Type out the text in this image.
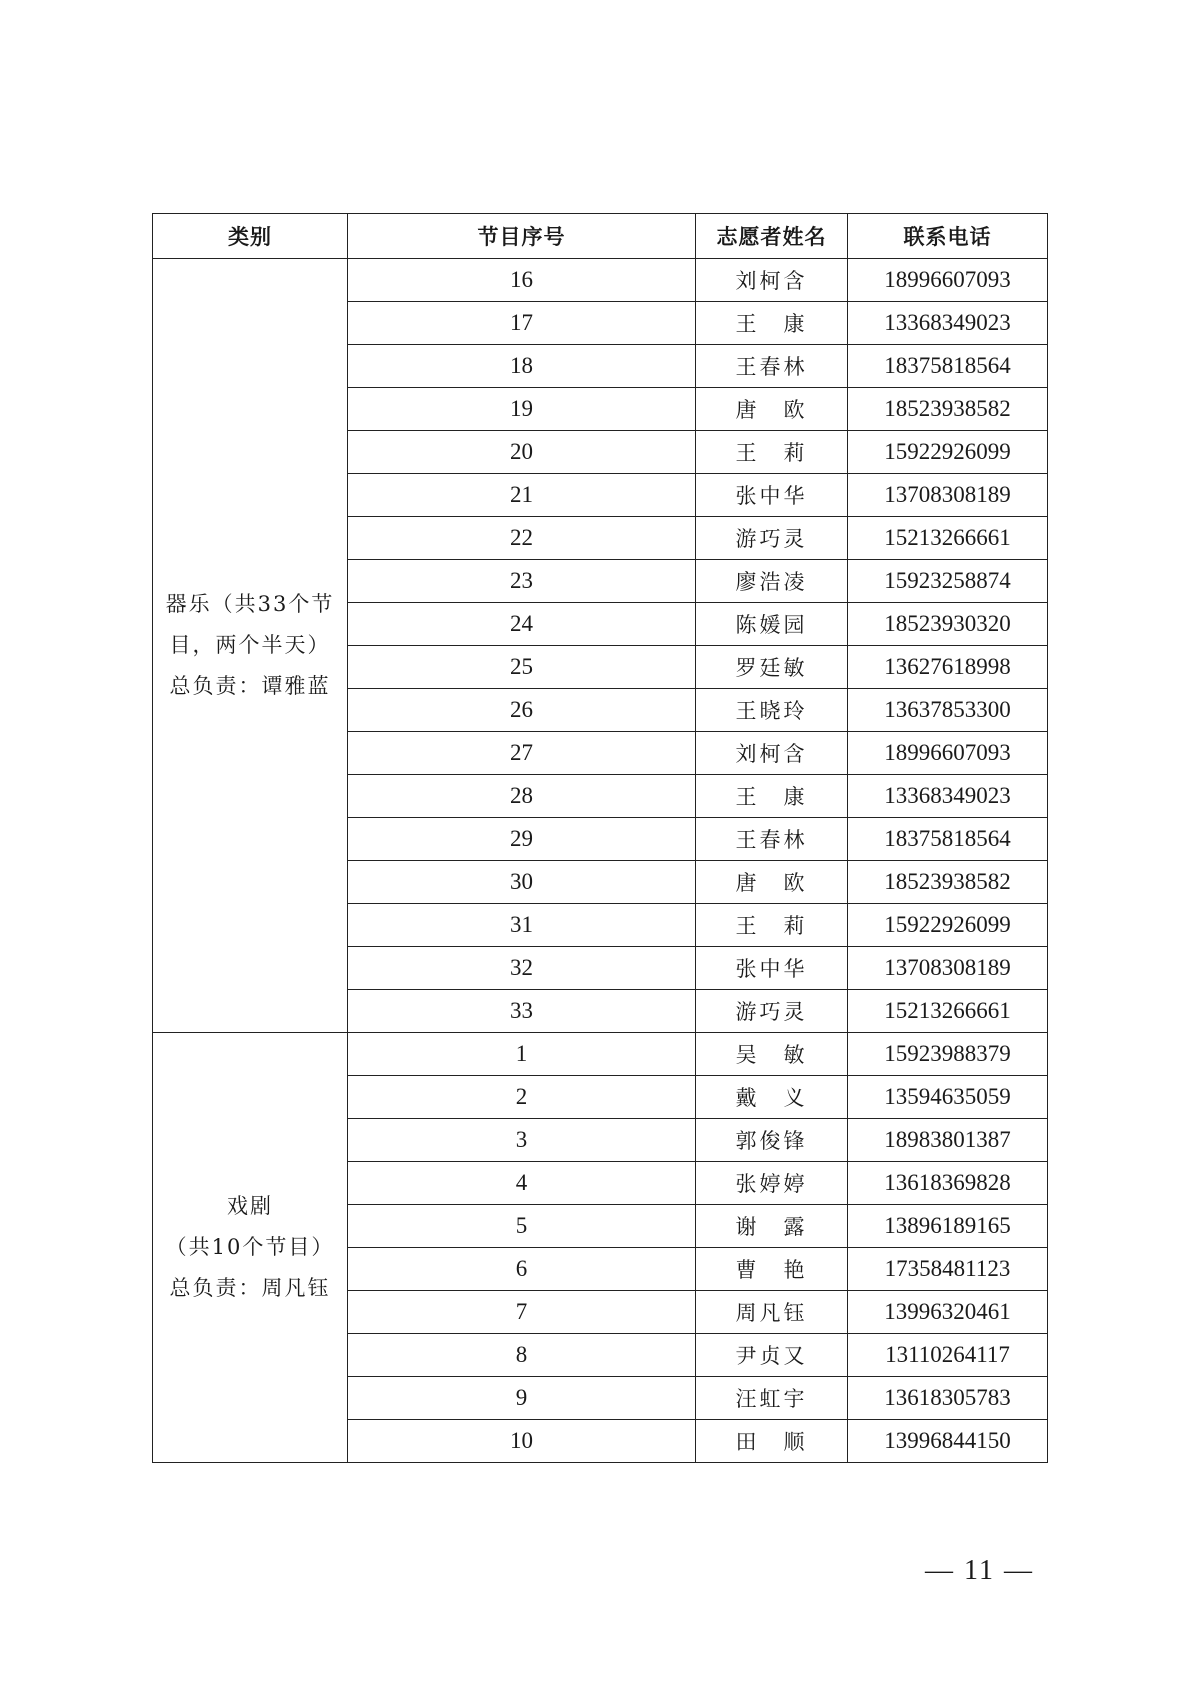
类别	节目序号	志愿者姓名	联系电话

器乐（共33个节
目，两个半天）
总负责：谭雅蓝	16	刘柯含	18996607093
	17	王　康	13368349023
	18	王春林	18375818564
	19	唐　欧	18523938582
	20	王　莉	15922926099
	21	张中华	13708308189
	22	游巧灵	15213266661
	23	廖浩凌	15923258874
	24	陈媛园	18523930320
	25	罗廷敏	13627618998
	26	王晓玲	13637853300
	27	刘柯含	18996607093
	28	王　康	13368349023
	29	王春林	18375818564
	30	唐　欧	18523938582
	31	王　莉	15922926099
	32	张中华	13708308189
	33	游巧灵	15213266661

戏剧
（共10个节目）
总负责：周凡钰	1	吴　敏	15923988379
	2	戴　义	13594635059
	3	郭俊锋	18983801387
	4	张婷婷	13618369828
	5	谢　露	13896189165
	6	曹　艳	17358481123
	7	周凡钰	13996320461
	8	尹贞又	13110264117
	9	汪虹宇	13618305783
	10	田　顺	13996844150
— 11 —
